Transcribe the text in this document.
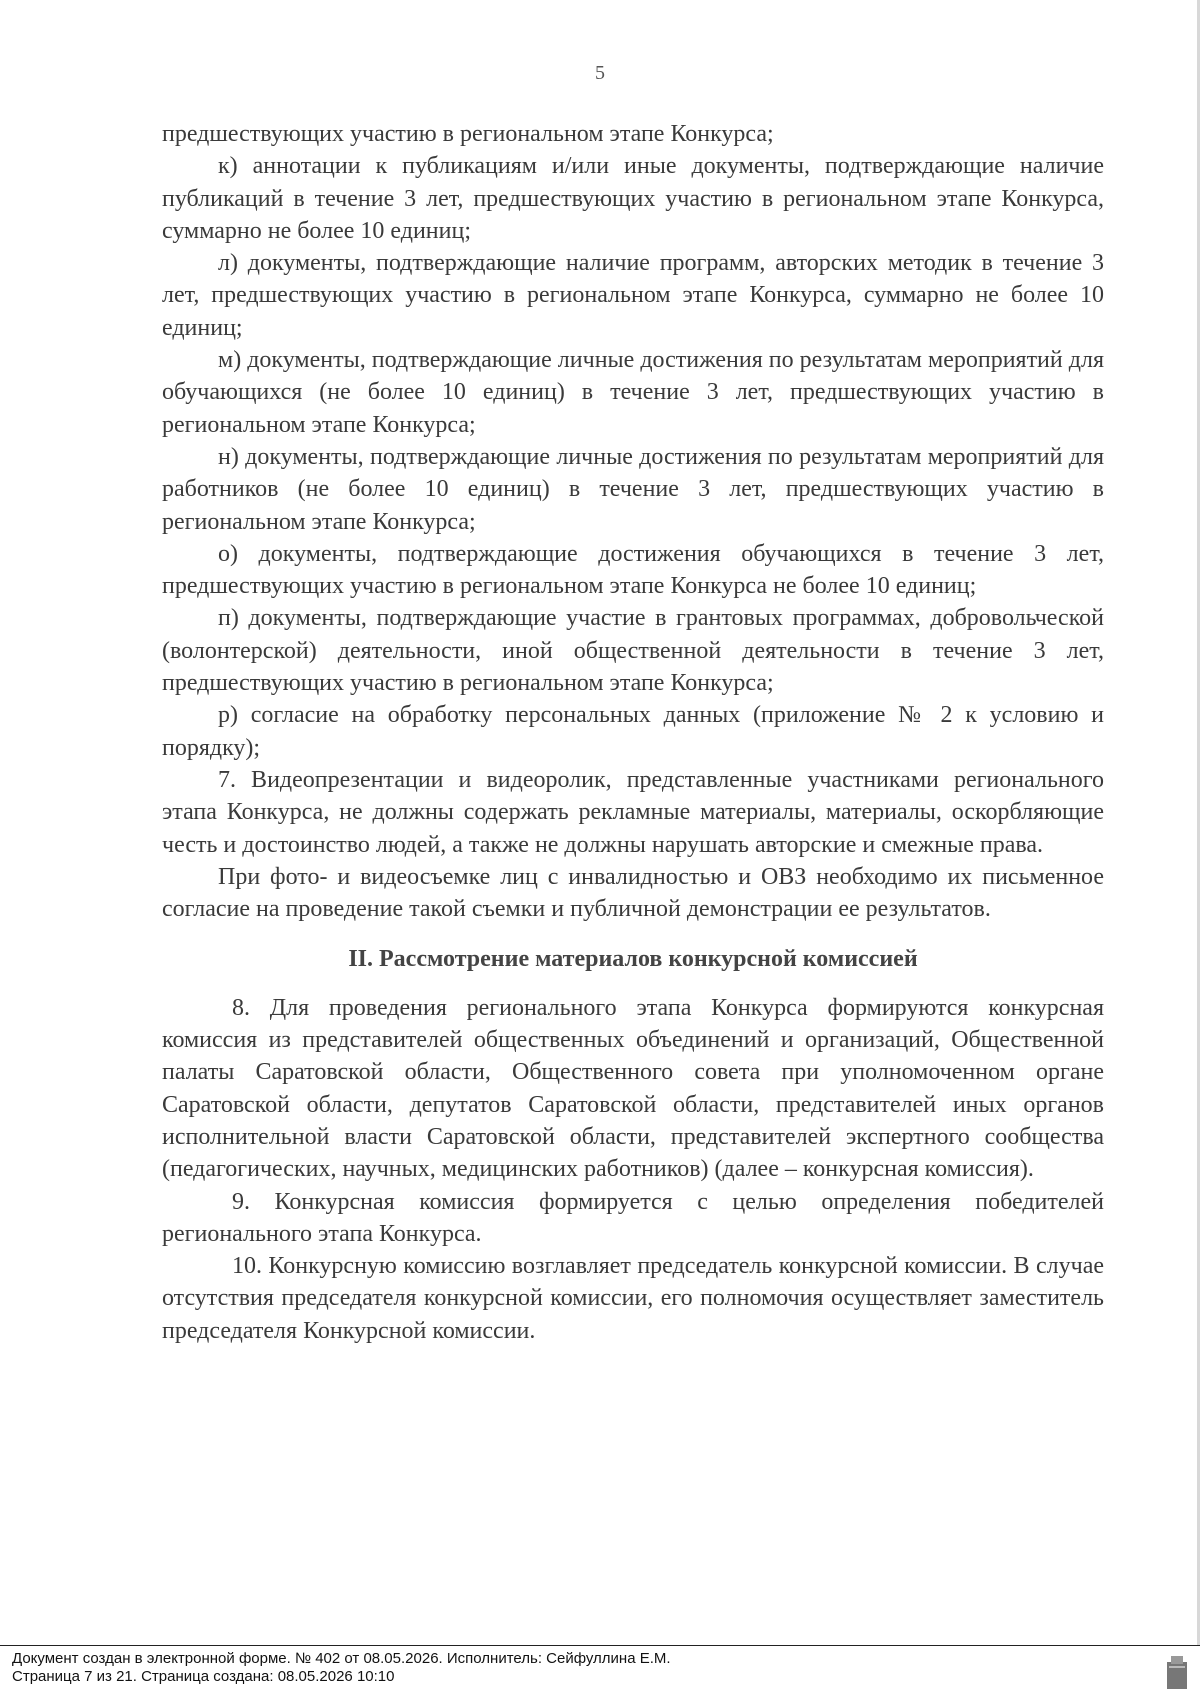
5

предшествующих участию в региональном этапе Конкурса;

к) аннотации к публикациям и/или иные документы, подтверждающие наличие публикаций в течение 3 лет, предшествующих участию в региональном этапе Конкурса, суммарно не более 10 единиц;

л) документы, подтверждающие наличие программ, авторских методик в течение 3 лет, предшествующих участию в региональном этапе Конкурса, суммарно не более 10 единиц;

м) документы, подтверждающие личные достижения по результатам мероприятий для обучающихся (не более 10 единиц) в течение 3 лет, предшествующих участию в региональном этапе Конкурса;

н) документы, подтверждающие личные достижения по результатам мероприятий для работников (не более 10 единиц) в течение 3 лет, предшествующих участию в региональном этапе Конкурса;

о) документы, подтверждающие достижения обучающихся в течение 3 лет, предшествующих участию в региональном этапе Конкурса не более 10 единиц;

п) документы, подтверждающие участие в грантовых программах, добровольческой (волонтерской) деятельности, иной общественной деятельности в течение 3 лет, предшествующих участию в региональном этапе Конкурса;

р) согласие на обработку персональных данных (приложение № 2 к условию и порядку);

7. Видеопрезентации и видеоролик, представленные участниками регионального этапа Конкурса, не должны содержать рекламные материалы, материалы, оскорбляющие честь и достоинство людей, а также не должны нарушать авторские и смежные права.

При фото- и видеосъемке лиц с инвалидностью и ОВЗ необходимо их письменное согласие на проведение такой съемки и публичной демонстрации ее результатов.

II. Рассмотрение материалов конкурсной комиссией

8. Для проведения регионального этапа Конкурса формируются конкурсная комиссия из представителей общественных объединений и организаций, Общественной палаты Саратовской области, Общественного совета при уполномоченном органе Саратовской области, депутатов Саратовской области, представителей иных органов исполнительной власти Саратовской области, представителей экспертного сообщества (педагогических, научных, медицинских работников) (далее – конкурсная комиссия).

9. Конкурсная комиссия формируется с целью определения победителей регионального этапа Конкурса.

10. Конкурсную комиссию возглавляет председатель конкурсной комиссии. В случае отсутствия председателя конкурсной комиссии, его полномочия осуществляет заместитель председателя Конкурсной комиссии.

Документ создан в электронной форме. № 402 от 08.05.2026. Исполнитель: Сейфуллина Е.М.
Страница 7 из 21. Страница создана: 08.05.2026 10:10
